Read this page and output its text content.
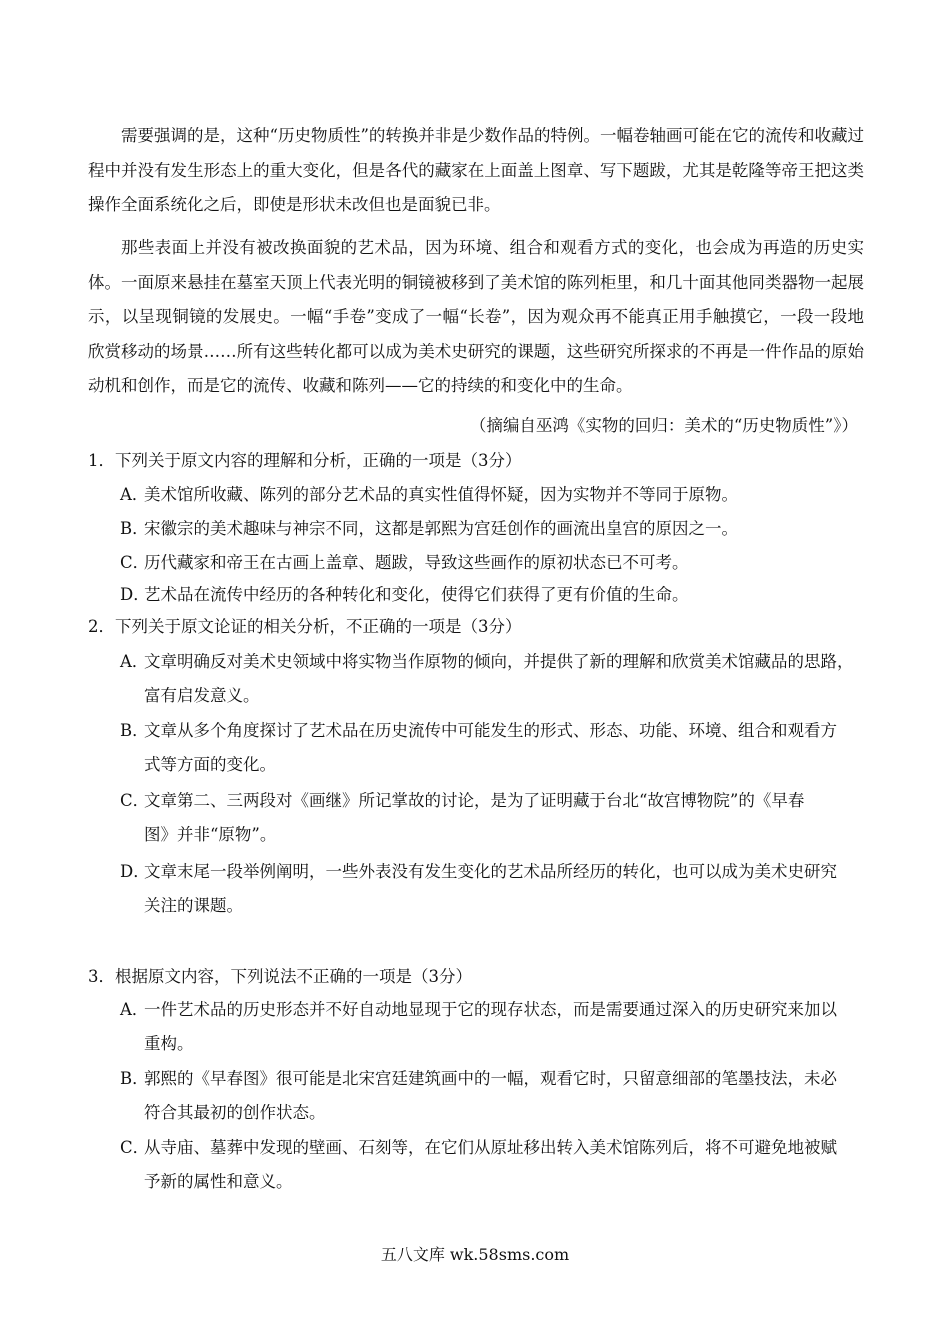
需要强调的是，这种“历史物质性”的转换并非是少数作品的特例。一幅卷轴画可能在它的流传和收藏过程中并没有发生形态上的重大变化，但是各代的藏家在上面盖上图章、写下题跋，尤其是乾隆等帝王把这类操作全面系统化之后，即使是形状未改但也是面貌已非。

那些表面上并没有被改换面貌的艺术品，因为环境、组合和观看方式的变化，也会成为再造的历史实体。一面原来悬挂在墓室天顶上代表光明的铜镜被移到了美术馆的陈列柜里，和几十面其他同类器物一起展示，以呈现铜镜的发展史。一幅“手卷”变成了一幅“长卷”，因为观众再不能真正用手触摸它，一段一段地欣赏移动的场景……所有这些转化都可以成为美术史研究的课题，这些研究所探求的不再是一件作品的原始动机和创作，而是它的流传、收藏和陈列——它的持续的和变化中的生命。

（摘编自巫鸿《实物的回归：美术的“历史物质性”》）

1．下列关于原文内容的理解和分析，正确的一项是（3分）

A．美术馆所收藏、陈列的部分艺术品的真实性值得怀疑，因为实物并不等同于原物。

B．宋徽宗的美术趣味与神宗不同，这都是郭熙为宫廷创作的画流出皇宫的原因之一。

C．历代藏家和帝王在古画上盖章、题跋，导致这些画作的原初状态已不可考。

D．艺术品在流传中经历的各种转化和变化，使得它们获得了更有价值的生命。

2．下列关于原文论证的相关分析，不正确的一项是（3分）

A．文章明确反对美术史领域中将实物当作原物的倾向，并提供了新的理解和欣赏美术馆藏品的思路，
富有启发意义。

B．文章从多个角度探讨了艺术品在历史流传中可能发生的形式、形态、功能、环境、组合和观看方
式等方面的变化。

C．文章第二、三两段对《画继》所记掌故的讨论，是为了证明藏于台北“故宫博物院”的《早春
图》并非“原物”。

D．文章末尾一段举例阐明，一些外表没有发生变化的艺术品所经历的转化，也可以成为美术史研究
关注的课题。

3．根据原文内容，下列说法不正确的一项是（3分）

A．一件艺术品的历史形态并不好自动地显现于它的现存状态，而是需要通过深入的历史研究来加以
重构。

B．郭熙的《早春图》很可能是北宋宫廷建筑画中的一幅，观看它时，只留意细部的笔墨技法，未必
符合其最初的创作状态。

C．从寺庙、墓葬中发现的壁画、石刻等，在它们从原址移出转入美术馆陈列后，将不可避免地被赋
予新的属性和意义。

五八文库 wk.58sms.com
